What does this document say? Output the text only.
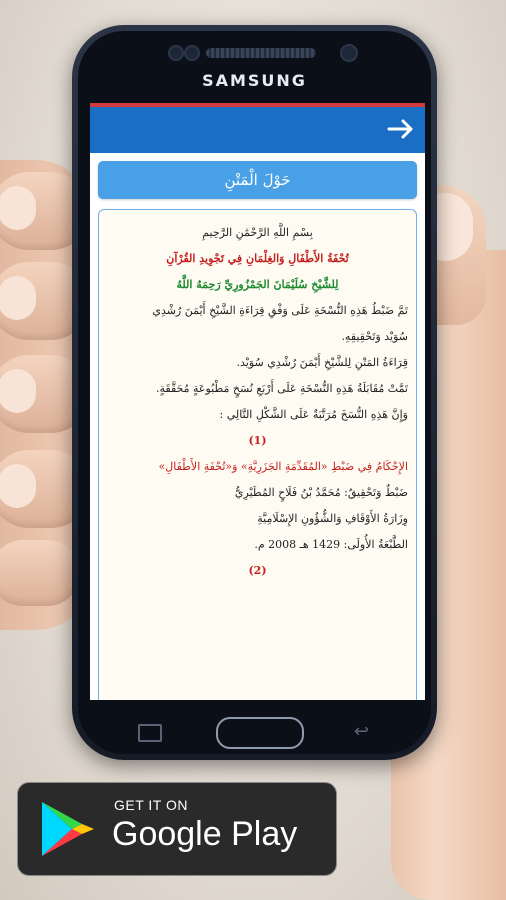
SAMSUNG
حَوْلَ الْمَتْنِ

بِسْمِ اللَّهِ الرَّحْمَٰنِ الرَّحِيمِ

تُحْفَةُ الأَطْفَالِ وَالغِلْمَانِ فِي تَجْوِيدِ القُرْآنِ

لِلشَّيْخِ سُلَيْمَانَ الجَمْزُورِيِّ رَحِمَهُ اللَّهُ

تَمَّ ضَبْطُ هَذِهِ النُّسْخَةِ عَلَى وَفْقِ قِرَاءَةِ الشَّيْخِ أَيْمَنَ رُشْدِي

سُوَيْد وَتَحْقِيقِهِ.

قِرَاءَةُ المَتْنِ لِلشَّيْخِ أَيْمَنَ رُشْدِي سُوَيْد.

تَمَّتْ مُقَابَلَةُ هَذِهِ النُّسْخَةِ عَلَى أَرْبَعِ نُسَخٍ مَطْبُوعَةٍ مُحَقَّقَةٍ.

وَإِنَّ هَذِهِ النُّسَخَ مُرَتَّبَةٌ عَلَى الشَّكْلِ التَّالِي :

(1)

الإِحْكَامُ فِي ضَبْطِ «المُقَدِّمَةِ الجَزَرِيَّةِ» وَ«تُحْفَةِ الأَطْفَالِ»

ضَبْطٌ وَتَحْقِيقٌ: مُحَمَّدُ بْنُ فَلَاحٍ المُطَيْرِيُّ

وِزَارَةُ الأَوْقَافِ وَالشُّؤُونِ الإِسْلَامِيَّةِ

الطَّبْعَةُ الأُولَى: 1429 هـ 2008 م.

(2)

↩
GET IT ON
Google Play
